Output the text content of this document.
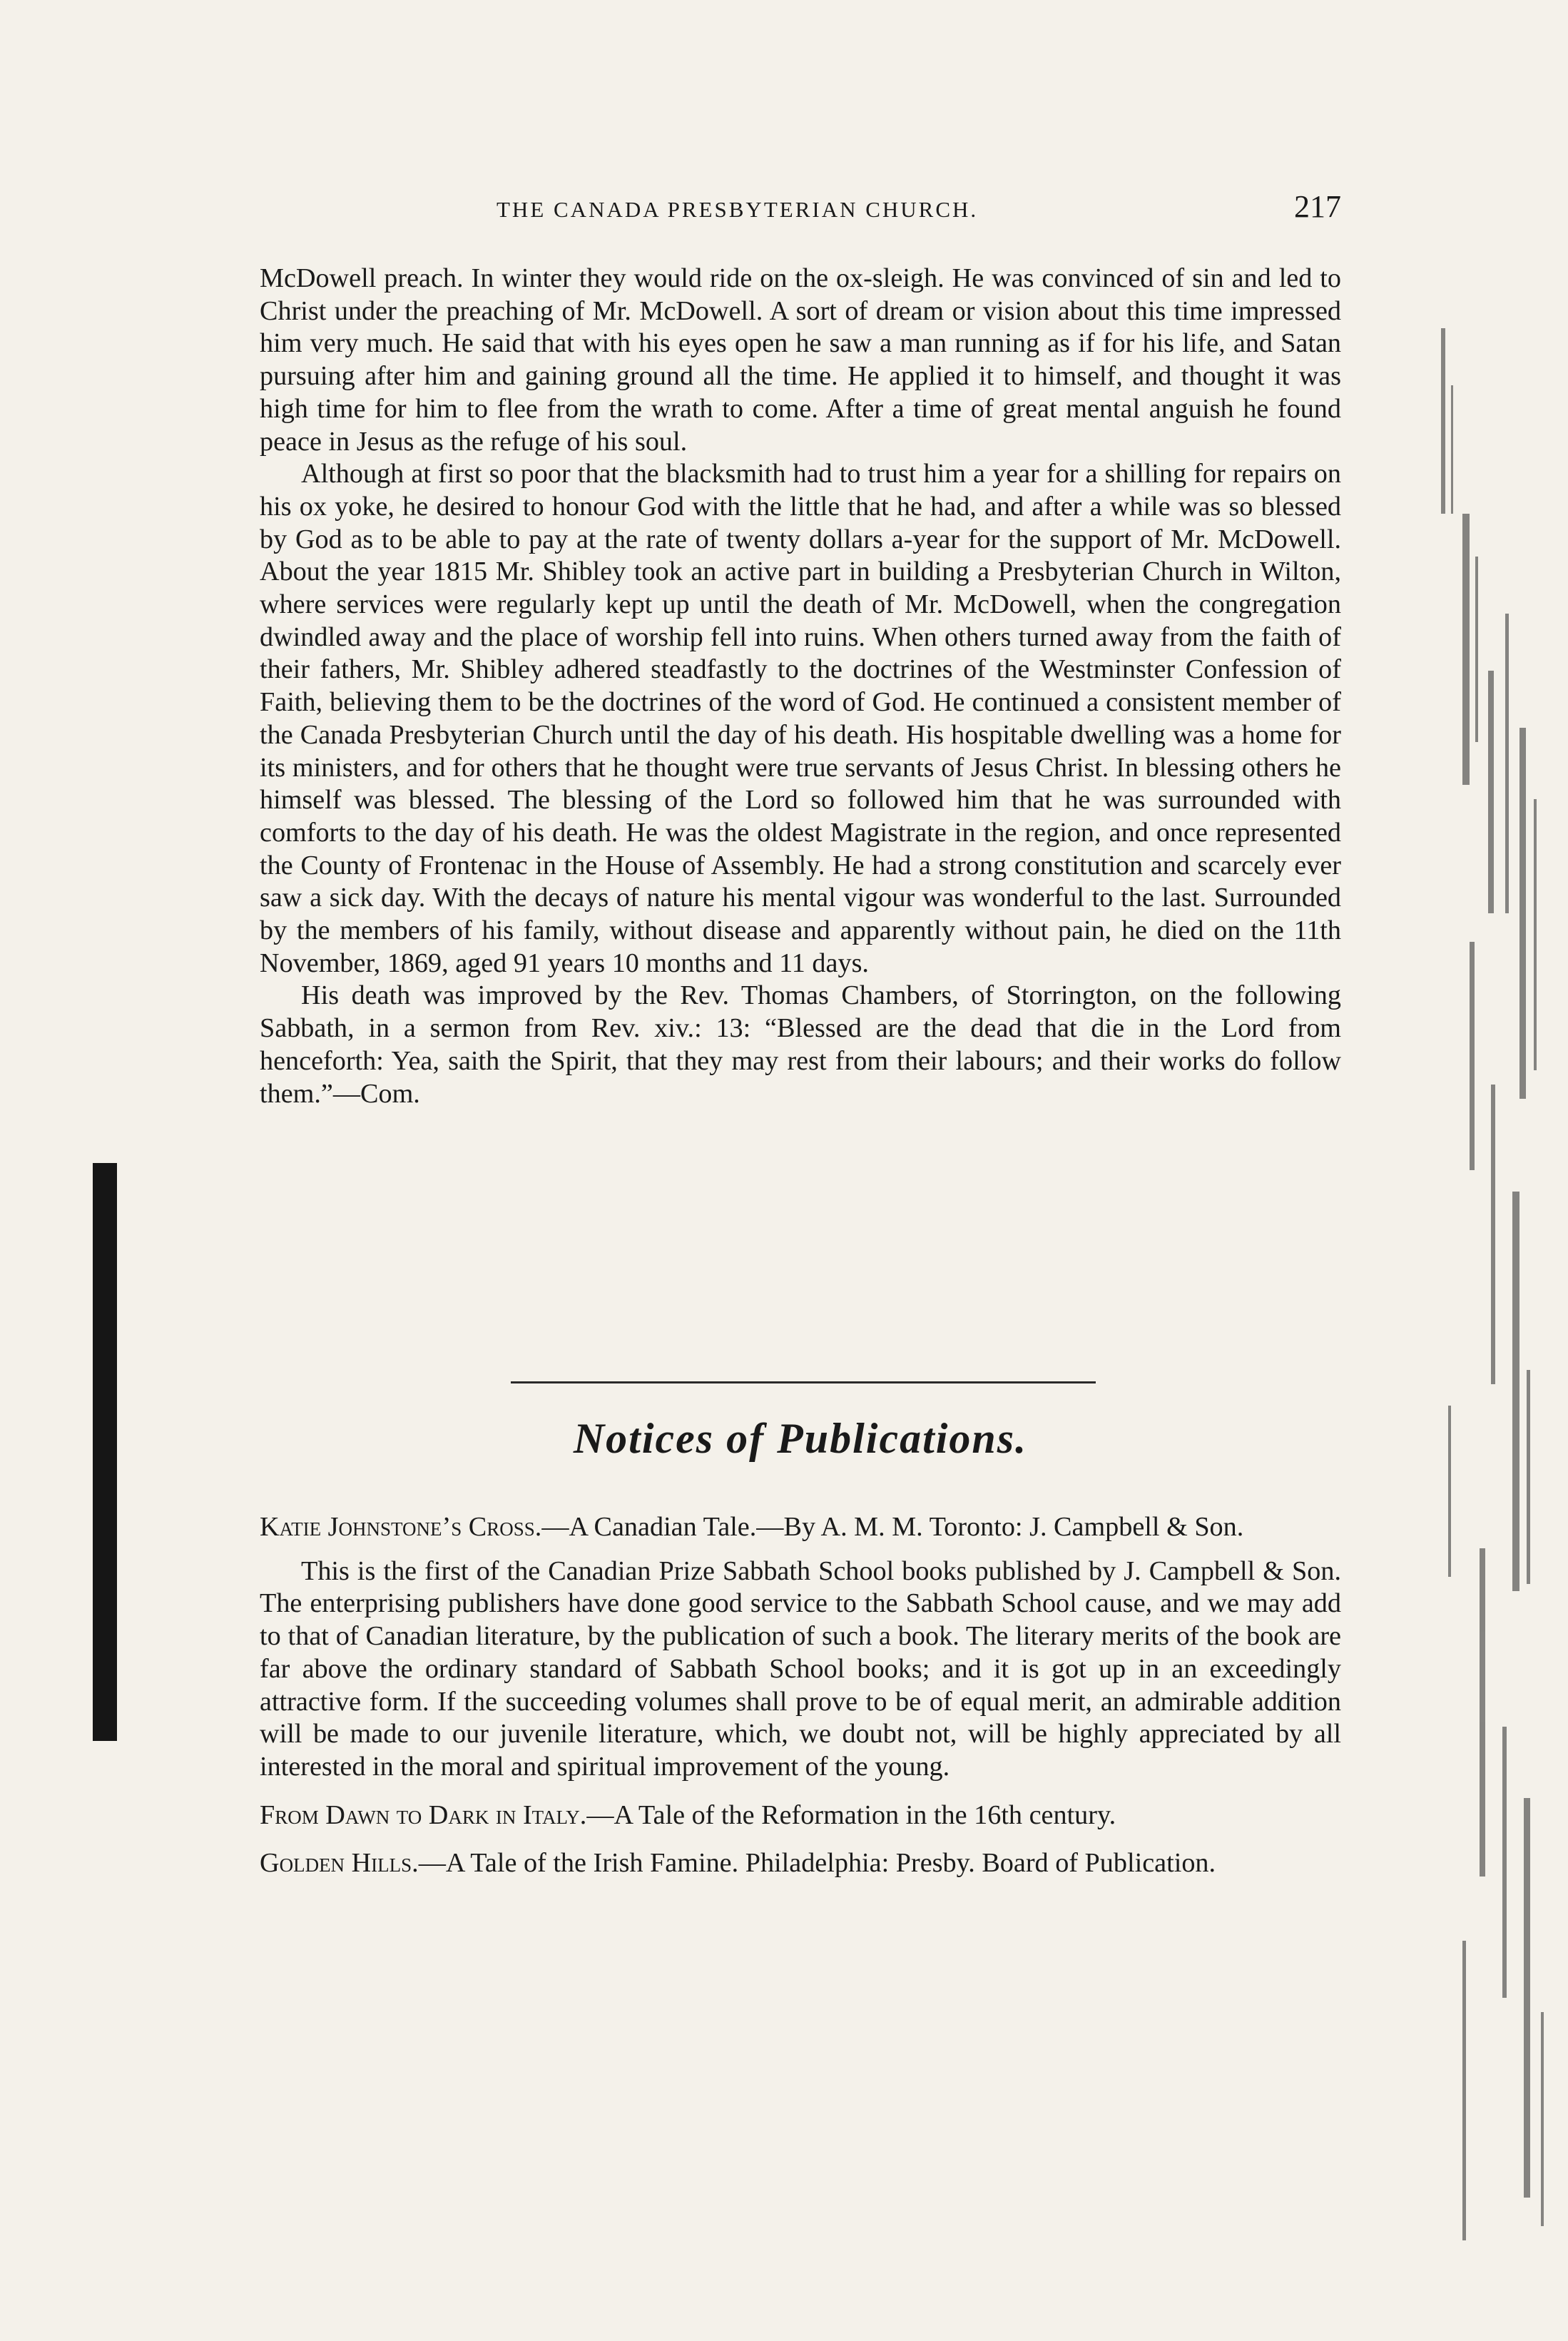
THE CANADA PRESBYTERIAN CHURCH.	217

McDowell preach. In winter they would ride on the ox-sleigh. He was convinced of sin and led to Christ under the preaching of Mr. McDowell. A sort of dream or vision about this time impressed him very much. He said that with his eyes open he saw a man running as if for his life, and Satan pursuing after him and gaining ground all the time. He applied it to himself, and thought it was high time for him to flee from the wrath to come. After a time of great mental anguish he found peace in Jesus as the refuge of his soul.

Although at first so poor that the blacksmith had to trust him a year for a shilling for repairs on his ox yoke, he desired to honour God with the little that he had, and after a while was so blessed by God as to be able to pay at the rate of twenty dollars a-year for the support of Mr. McDowell. About the year 1815 Mr. Shibley took an active part in building a Presbyterian Church in Wilton, where services were regularly kept up until the death of Mr. McDowell, when the congregation dwindled away and the place of worship fell into ruins. When others turned away from the faith of their fathers, Mr. Shibley adhered steadfastly to the doctrines of the Westminster Confession of Faith, believing them to be the doctrines of the word of God. He continued a consistent member of the Canada Presbyterian Church until the day of his death. His hospitable dwelling was a home for its ministers, and for others that he thought were true servants of Jesus Christ. In blessing others he himself was blessed. The blessing of the Lord so followed him that he was surrounded with comforts to the day of his death. He was the oldest Magistrate in the region, and once represented the County of Frontenac in the House of Assembly. He had a strong constitution and scarcely ever saw a sick day. With the decays of nature his mental vigour was wonderful to the last. Surrounded by the members of his family, without disease and apparently without pain, he died on the 11th November, 1869, aged 91 years 10 months and 11 days.

His death was improved by the Rev. Thomas Chambers, of Storrington, on the following Sabbath, in a sermon from Rev. xiv.: 13: “Blessed are the dead that die in the Lord from henceforth: Yea, saith the Spirit, that they may rest from their labours; and their works do follow them.”—Com.

Notices of Publications.

Katie Johnstone’s Cross.—A Canadian Tale.—By A. M. M. Toronto: J. Campbell & Son.

This is the first of the Canadian Prize Sabbath School books published by J. Campbell & Son. The enterprising publishers have done good service to the Sabbath School cause, and we may add to that of Canadian literature, by the publication of such a book. The literary merits of the book are far above the ordinary standard of Sabbath School books; and it is got up in an exceedingly attractive form. If the succeeding volumes shall prove to be of equal merit, an admirable addition will be made to our juvenile literature, which, we doubt not, will be highly appreciated by all interested in the moral and spiritual improvement of the young.

From Dawn to Dark in Italy.—A Tale of the Reformation in the 16th century.

Golden Hills.—A Tale of the Irish Famine. Philadelphia: Presby. Board of Publication.
